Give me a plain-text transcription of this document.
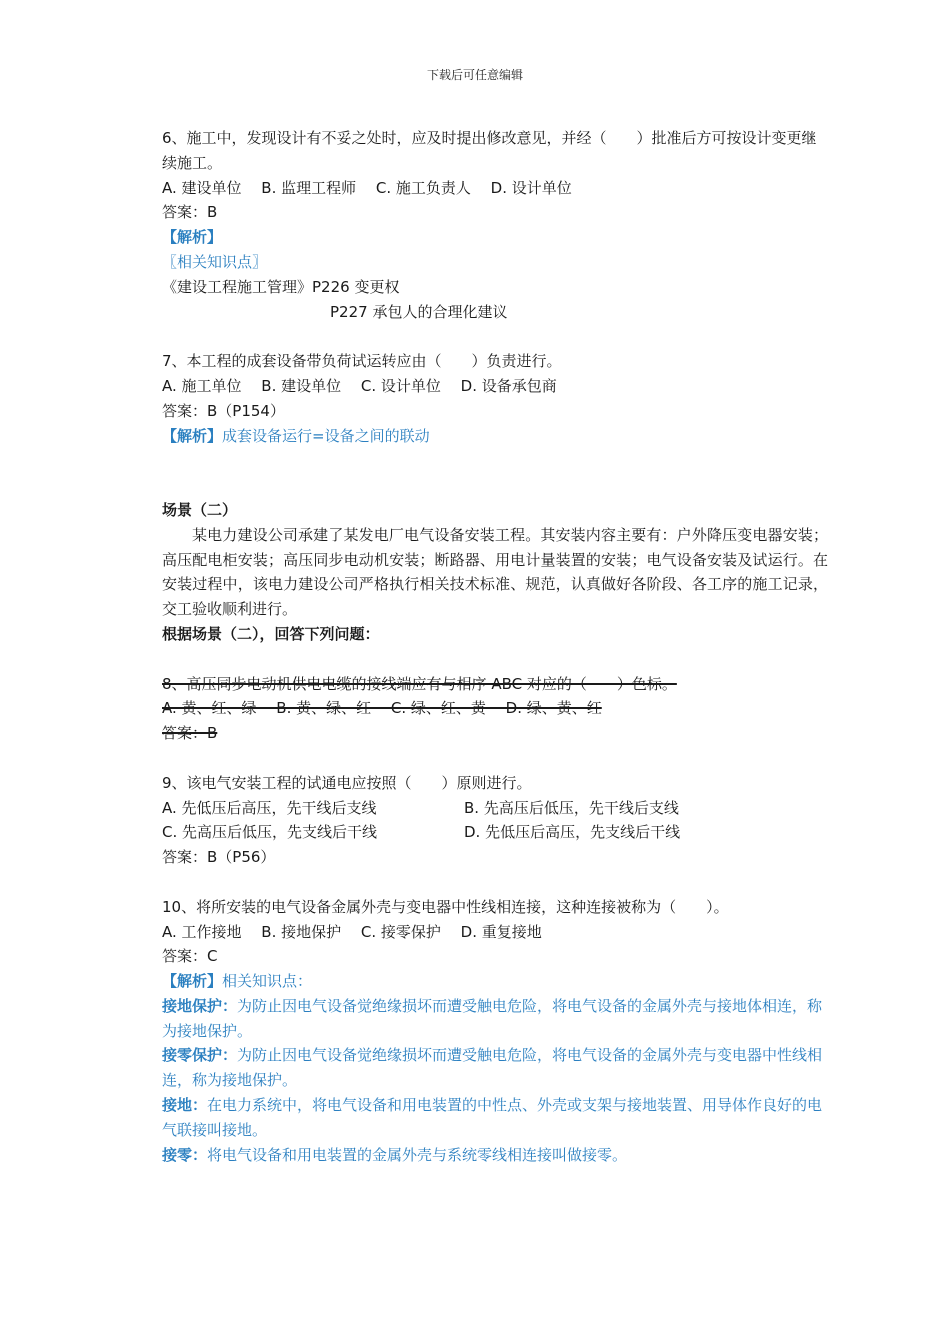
下载后可任意编辑
6、施工中，发现设计有不妥之处时，应及时提出修改意见，并经（　　）批准后方可按设计变更继续施工。
A. 建设单位　 B. 监理工程师　 C. 施工负责人　 D. 设计单位
答案：B
【解析】
〖相关知识点〗
《建设工程施工管理》P226 变更权
P227 承包人的合理化建议
7、本工程的成套设备带负荷试运转应由（　　）负责进行。
A. 施工单位　 B. 建设单位　 C. 设计单位　 D. 设备承包商
答案：B（P154）
【解析】成套设备运行=设备之间的联动
场景（二）
某电力建设公司承建了某发电厂电气设备安装工程。其安装内容主要有：户外降压变电器安装；高压配电柜安装；高压同步电动机安装；断路器、用电计量装置的安装；电气设备安装及试运行。在安装过程中，该电力建设公司严格执行相关技术标准、规范，认真做好各阶段、各工序的施工记录，交工验收顺利进行。
根据场景（二），回答下列问题：
8、高压同步电动机供电电缆的接线端应有与相序 ABC 对应的（　　）色标。
A. 黄、红、绿　 B. 黄、绿、红　 C. 绿、红、黄　 D. 绿、黄、红
答案：B
9、该电气安装工程的试通电应按照（　　）原则进行。
A. 先低压后高压，先干线后支线	B. 先高压后低压，先干线后支线
C. 先高压后低压，先支线后干线	D. 先低压后高压，先支线后干线
答案：B（P56）
10、将所安装的电气设备金属外壳与变电器中性线相连接，这种连接被称为（　　）。
A. 工作接地　 B. 接地保护　 C. 接零保护　 D. 重复接地
答案：C
【解析】相关知识点：
接地保护：为防止因电气设备觉绝缘损坏而遭受触电危险，将电气设备的金属外壳与接地体相连，称为接地保护。
接零保护：为防止因电气设备觉绝缘损坏而遭受触电危险，将电气设备的金属外壳与变电器中性线相连，称为接地保护。
接地：在电力系统中，将电气设备和用电装置的中性点、外壳或支架与接地装置、用导体作良好的电气联接叫接地。
接零：将电气设备和用电装置的金属外壳与系统零线相连接叫做接零。
